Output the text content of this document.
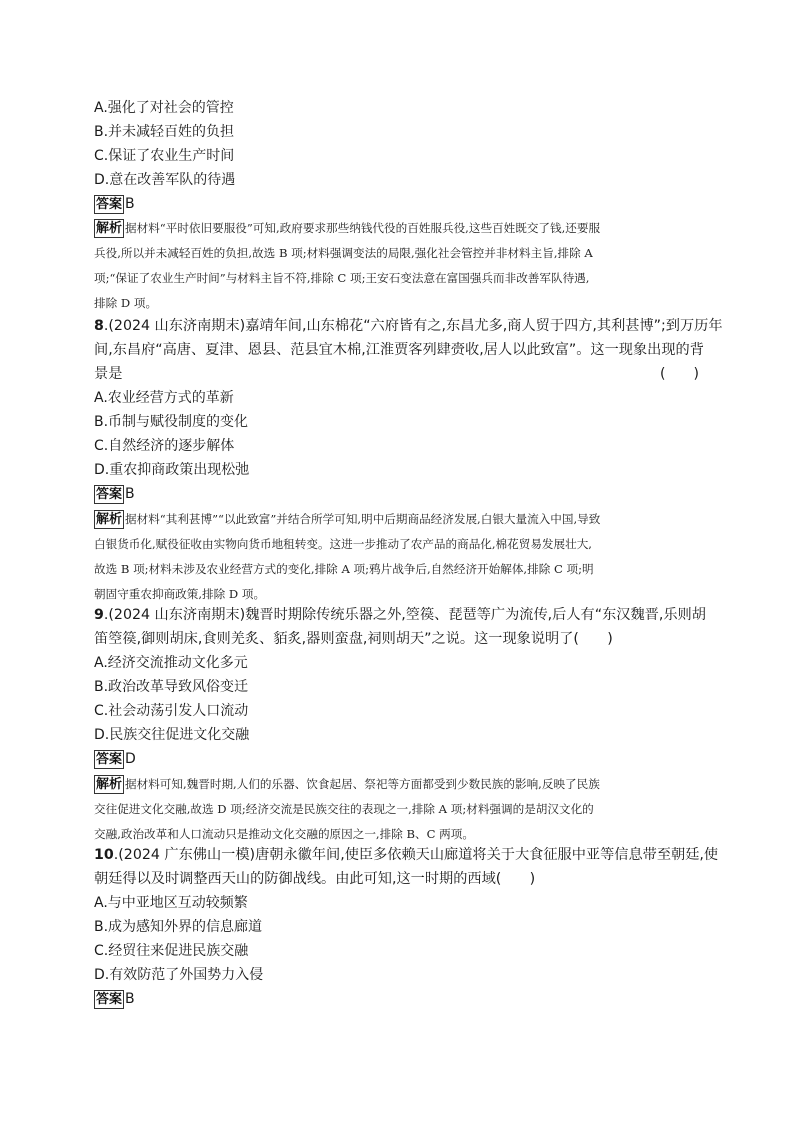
A.强化了对社会的管控
B.并未减轻百姓的负担
C.保证了农业生产时间
D.意在改善军队的待遇
答案 B
解析 据材料“平时依旧要服役”可知,政府要求那些纳钱代役的百姓服兵役,这些百姓既交了钱,还要服
兵役,所以并未减轻百姓的负担,故选 B 项;材料强调变法的局限,强化社会管控并非材料主旨,排除 A
项;“保证了农业生产时间”与材料主旨不符,排除 C 项;王安石变法意在富国强兵而非改善军队待遇,
排除 D 项。
8.(2024 山东济南期末)嘉靖年间,山东棉花“六府皆有之,东昌尤多,商人贸于四方,其利甚博”;到万历年
间,东昌府“高唐、夏津、恩县、范县宜木棉,江淮贾客列肆赍收,居人以此致富”。这一现象出现的背
景是	(　　)
A.农业经营方式的革新
B.币制与赋役制度的变化
C.自然经济的逐步解体
D.重农抑商政策出现松弛
答案 B
解析 据材料“其利甚博”“以此致富”并结合所学可知,明中后期商品经济发展,白银大量流入中国,导致
白银货币化,赋役征收由实物向货币地租转变。这进一步推动了农产品的商品化,棉花贸易发展壮大,
故选 B 项;材料未涉及农业经营方式的变化,排除 A 项;鸦片战争后,自然经济开始解体,排除 C 项;明
朝固守重农抑商政策,排除 D 项。
9.(2024 山东济南期末)魏晋时期除传统乐器之外,箜篌、琵琶等广为流传,后人有“东汉魏晋,乐则胡
笛箜篌,御则胡床,食则羌炙、貊炙,器则蛮盘,祠则胡天”之说。这一现象说明了(　　)
A.经济交流推动文化多元
B.政治改革导致风俗变迁
C.社会动荡引发人口流动
D.民族交往促进文化交融
答案 D
解析 据材料可知,魏晋时期,人们的乐器、饮食起居、祭祀等方面都受到少数民族的影响,反映了民族
交往促进文化交融,故选 D 项;经济交流是民族交往的表现之一,排除 A 项;材料强调的是胡汉文化的
交融,政治改革和人口流动只是推动文化交融的原因之一,排除 B、C 两项。
10.(2024 广东佛山一模)唐朝永徽年间,使臣多依赖天山廊道将关于大食征服中亚等信息带至朝廷,使
朝廷得以及时调整西天山的防御战线。由此可知,这一时期的西域(　　)
A.与中亚地区互动较频繁
B.成为感知外界的信息廊道
C.经贸往来促进民族交融
D.有效防范了外国势力入侵
答案 B
